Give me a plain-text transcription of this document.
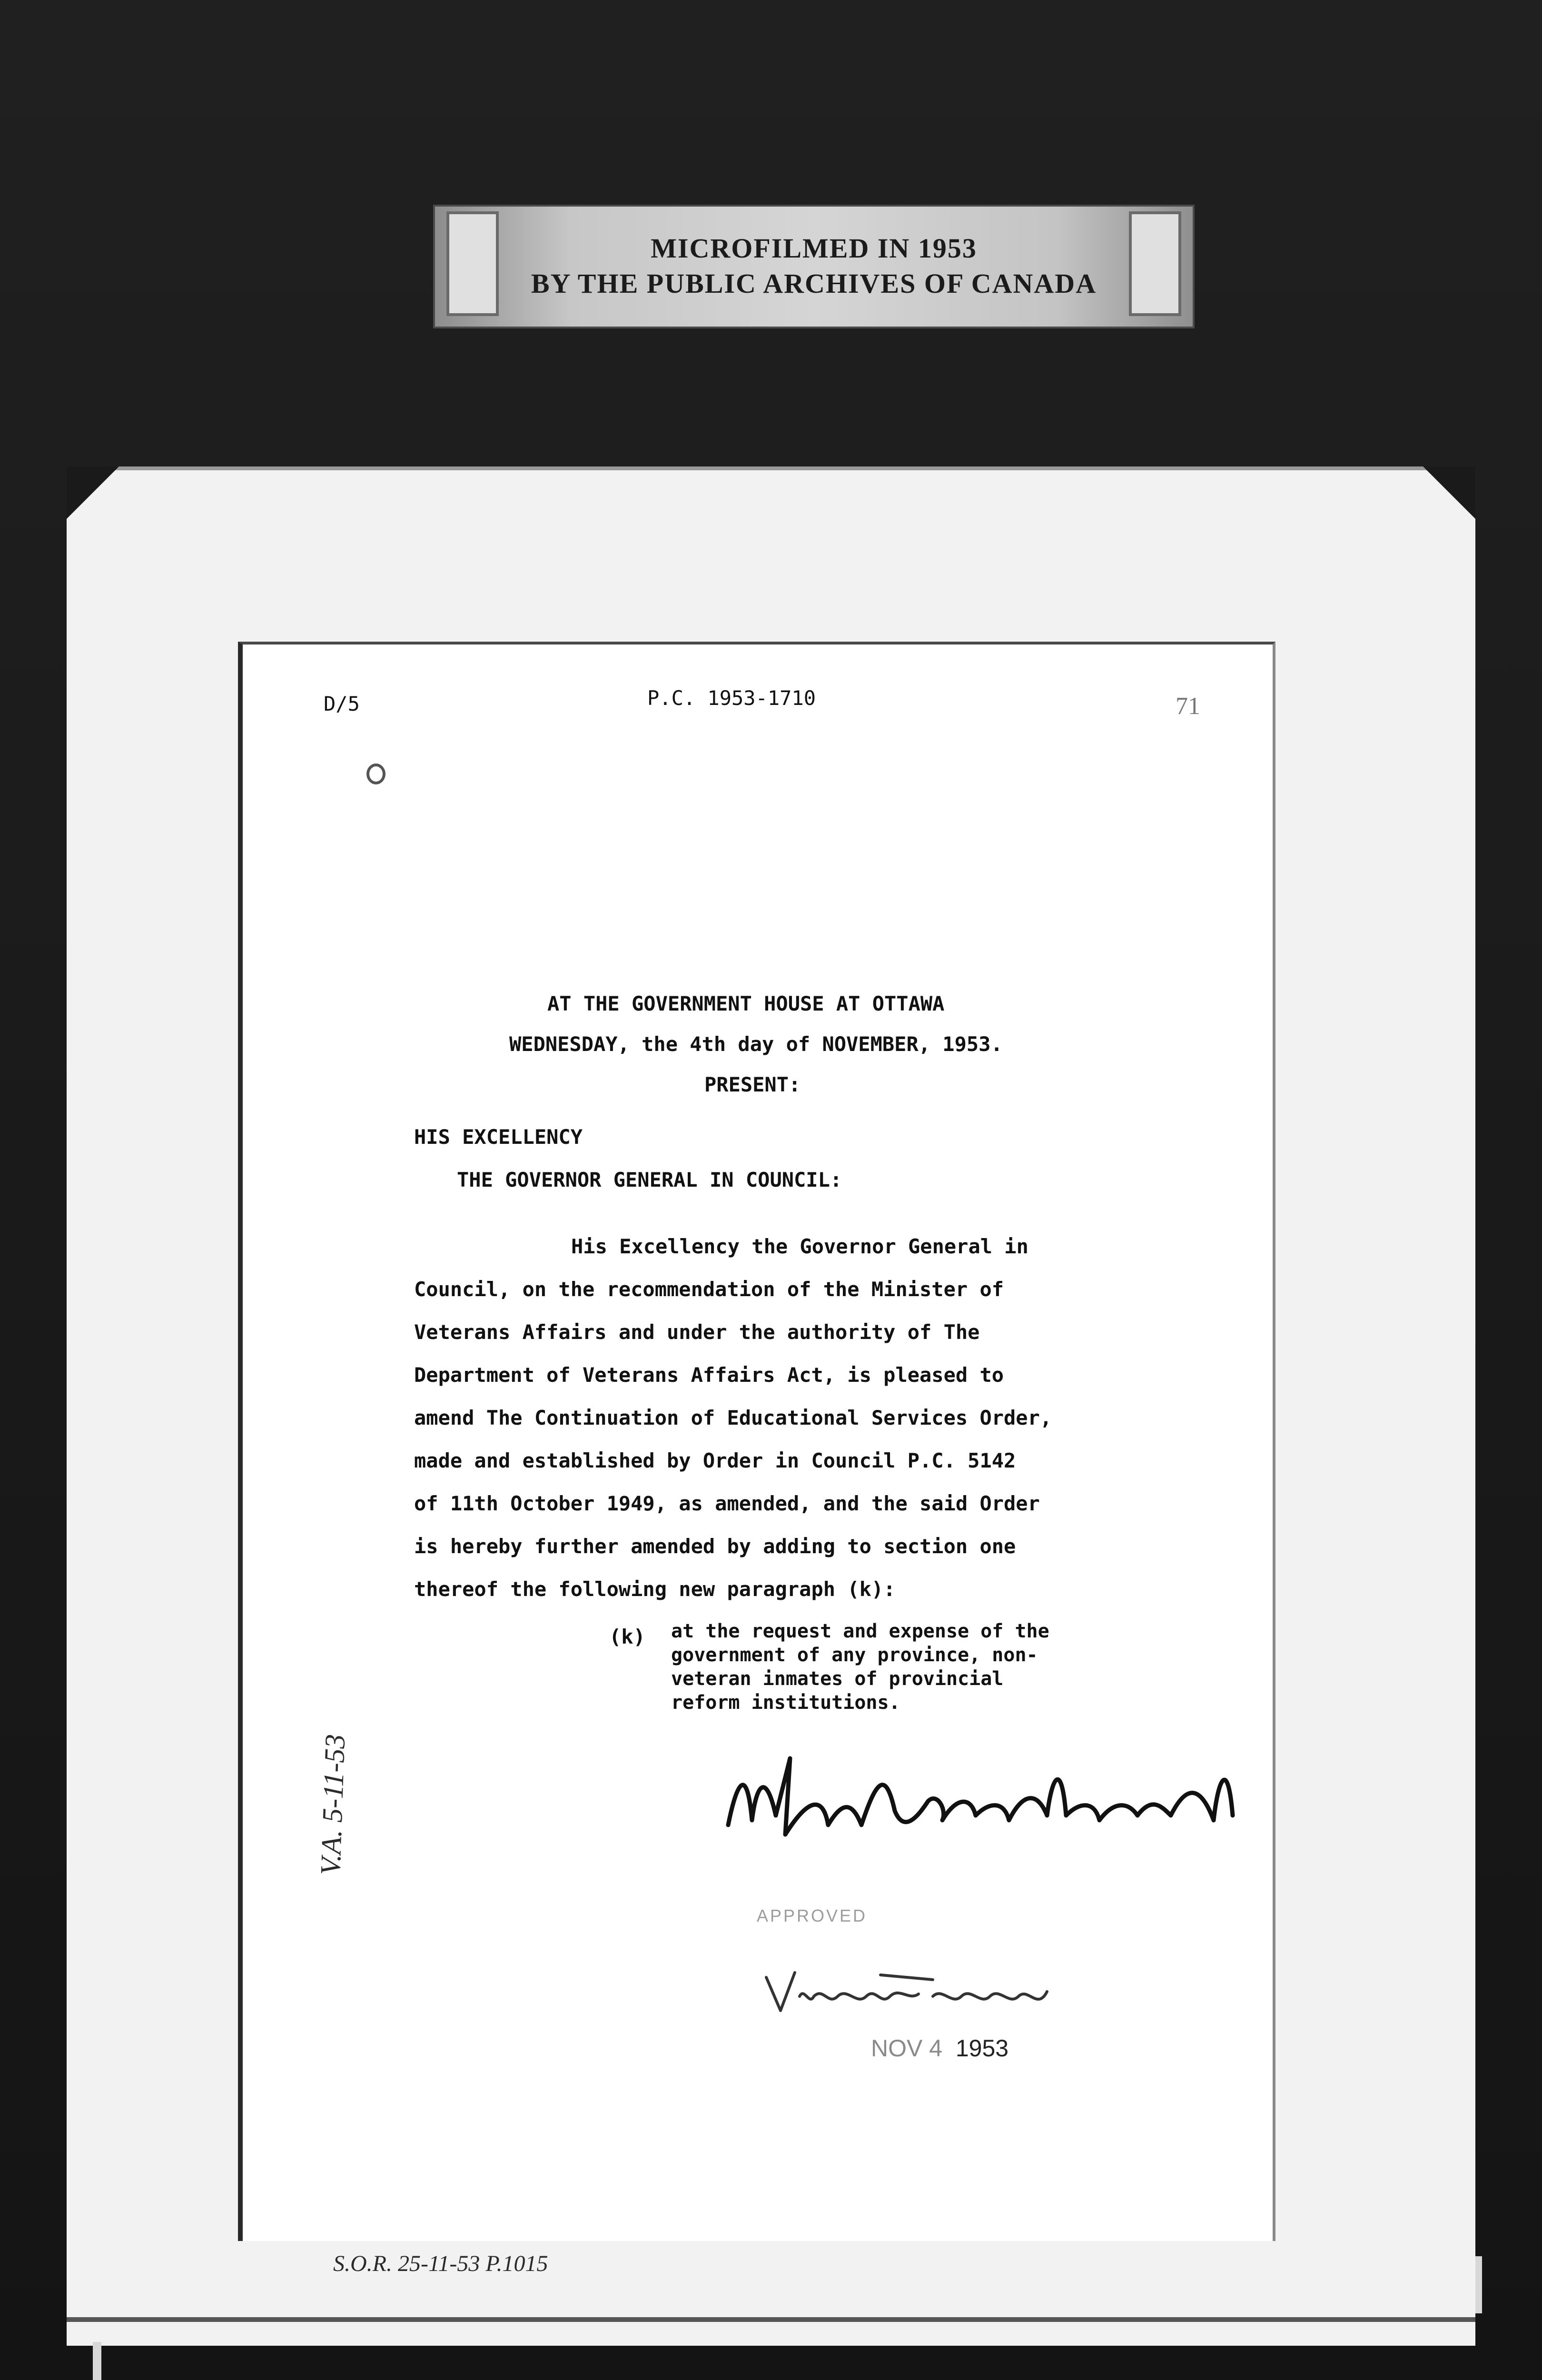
MICROFILMED IN 1953
BY THE PUBLIC ARCHIVES OF CANADA
D/5	P.C. 1953-1710	71
AT THE GOVERNMENT HOUSE AT OTTAWA
WEDNESDAY, the 4th day of NOVEMBER, 1953.
PRESENT:
HIS EXCELLENCY
THE GOVERNOR GENERAL IN COUNCIL:
His Excellency the Governor General in
Council, on the recommendation of the Minister of
Veterans Affairs and under the authority of The
Department of Veterans Affairs Act, is pleased to
amend The Continuation of Educational Services Order,
made and established by Order in Council P.C. 5142
of 11th October 1949, as amended, and the said Order
is hereby further amended by adding to section one
thereof the following new paragraph (k):
(k) at the request and expense of the
government of any province, non-
veteran inmates of provincial
reform institutions.
APPROVED
NOV 4 1953
V.A. 5-11-53
S.O.R. 25-11-53 P.1015
